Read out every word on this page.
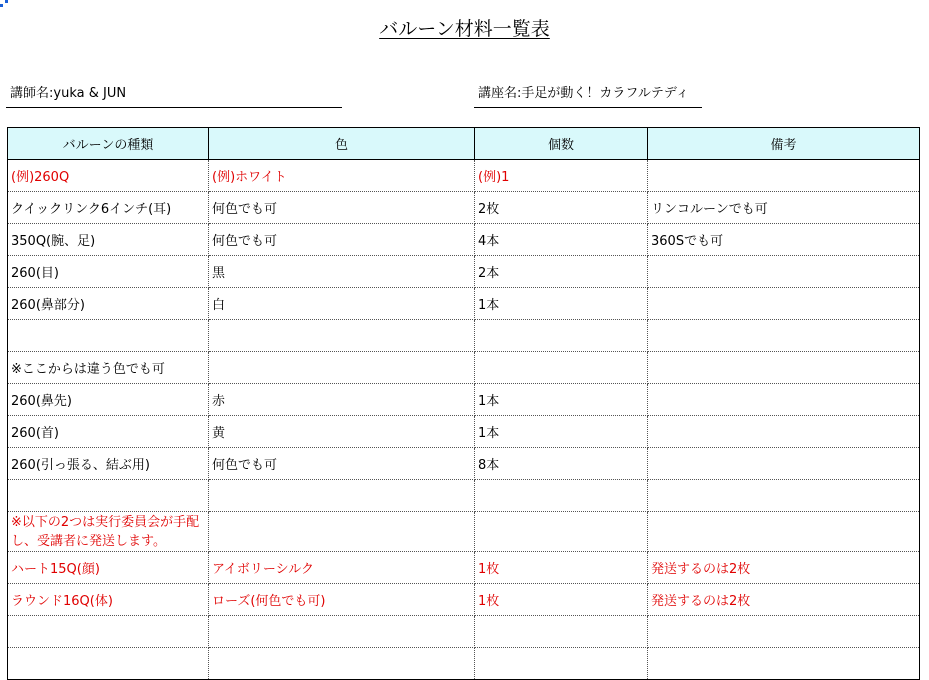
バルーン材料一覧表
講師名:yuka & JUN	講座名:手足が動く！カラフルテディ
バルーンの種類	色	個数	備考
(例)260Q	(例)ホワイト	(例)1	
クイックリンク6インチ(耳)	何色でも可	2枚	リンコルーンでも可
350Q(腕、足)	何色でも可	4本	360Sでも可
260(目)	黒	2本	
260(鼻部分)	白	1本	

※ここからは違う色でも可			
260(鼻先)	赤	1本	
260(首)	黄	1本	
260(引っ張る、結ぶ用)	何色でも可	8本	

※以下の2つは実行委員会が手配し、受講者に発送します。			
ハート15Q(顔)	アイボリーシルク	1枚	発送するのは2枚
ラウンド16Q(体)	ローズ(何色でも可)	1枚	発送するのは2枚
